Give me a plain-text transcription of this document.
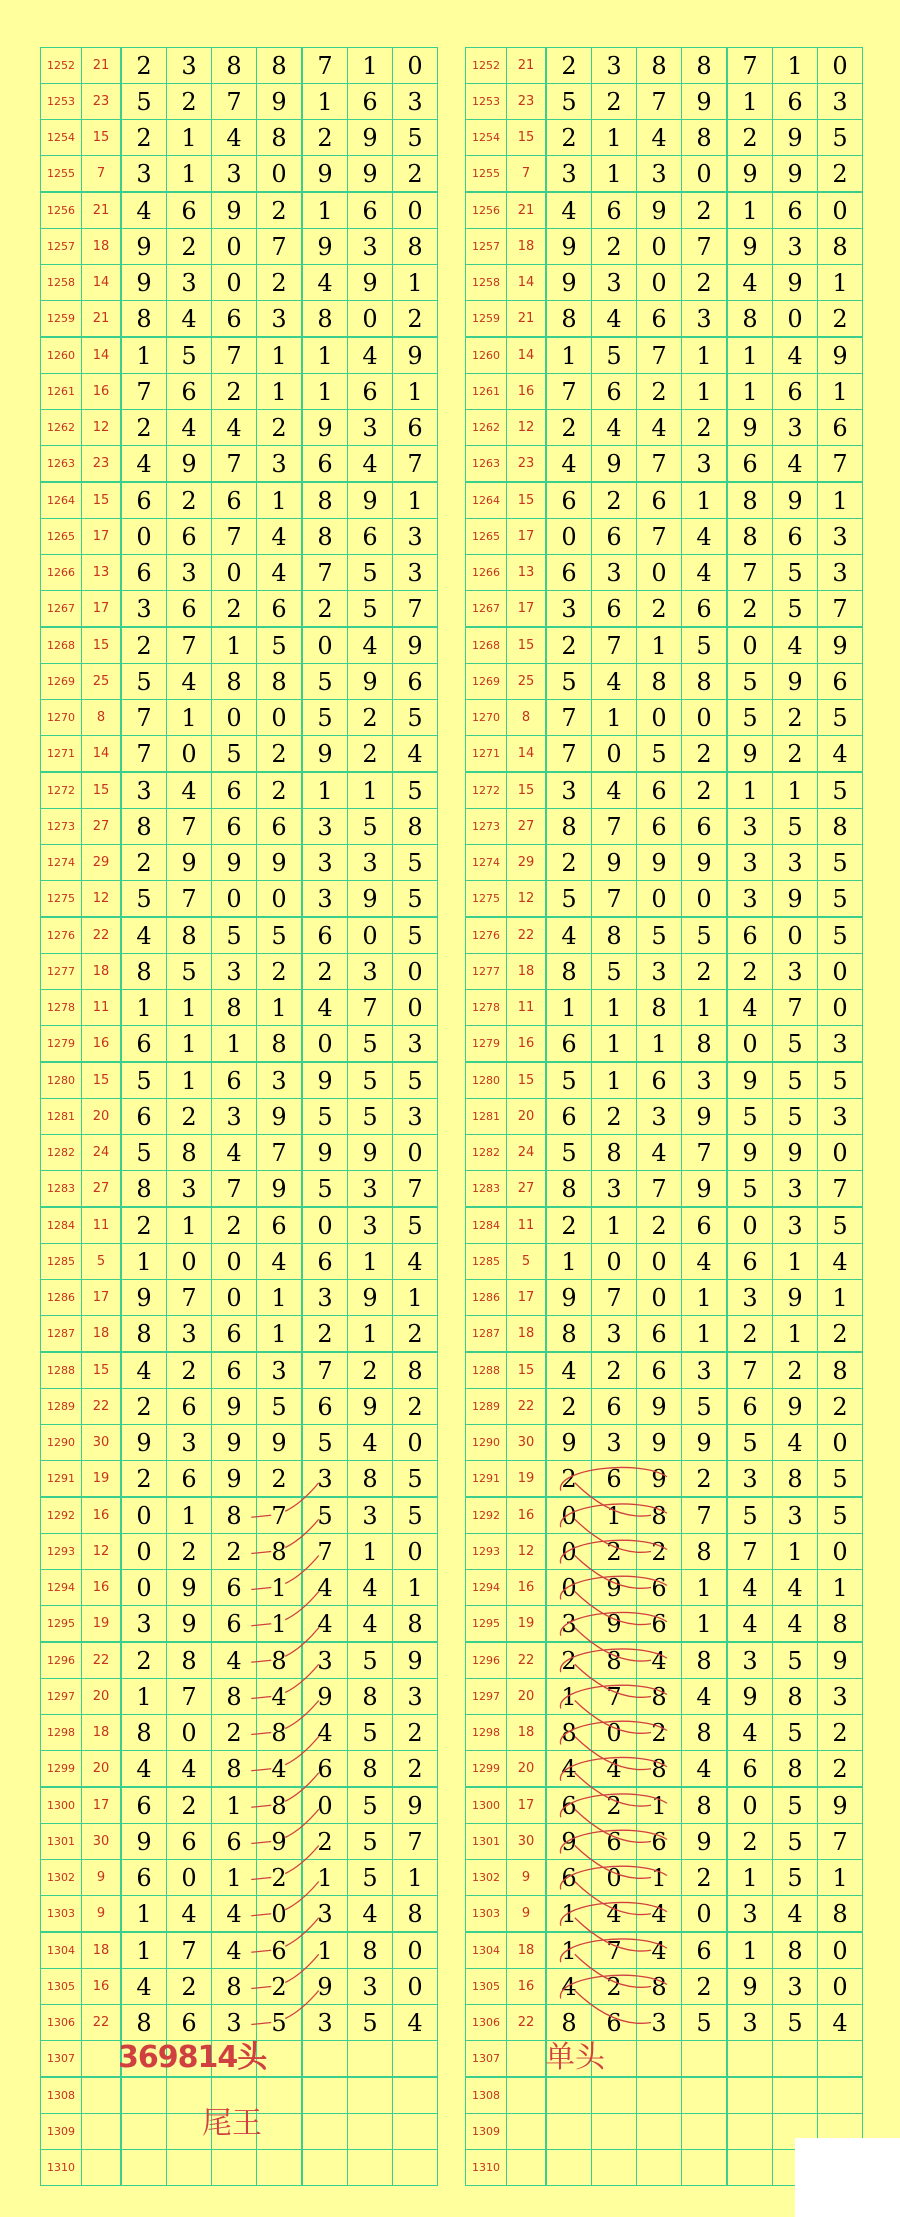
1252	21	2	3	8	8	7	1	0
1253	23	5	2	7	9	1	6	3
1254	15	2	1	4	8	2	9	5
1255	7	3	1	3	0	9	9	2
1256	21	4	6	9	2	1	6	0
1257	18	9	2	0	7	9	3	8
1258	14	9	3	0	2	4	9	1
1259	21	8	4	6	3	8	0	2
1260	14	1	5	7	1	1	4	9
1261	16	7	6	2	1	1	6	1
1262	12	2	4	4	2	9	3	6
1263	23	4	9	7	3	6	4	7
1264	15	6	2	6	1	8	9	1
1265	17	0	6	7	4	8	6	3
1266	13	6	3	0	4	7	5	3
1267	17	3	6	2	6	2	5	7
1268	15	2	7	1	5	0	4	9
1269	25	5	4	8	8	5	9	6
1270	8	7	1	0	0	5	2	5
1271	14	7	0	5	2	9	2	4
1272	15	3	4	6	2	1	1	5
1273	27	8	7	6	6	3	5	8
1274	29	2	9	9	9	3	3	5
1275	12	5	7	0	0	3	9	5
1276	22	4	8	5	5	6	0	5
1277	18	8	5	3	2	2	3	0
1278	11	1	1	8	1	4	7	0
1279	16	6	1	1	8	0	5	3
1280	15	5	1	6	3	9	5	5
1281	20	6	2	3	9	5	5	3
1282	24	5	8	4	7	9	9	0
1283	27	8	3	7	9	5	3	7
1284	11	2	1	2	6	0	3	5
1285	5	1	0	0	4	6	1	4
1286	17	9	7	0	1	3	9	1
1287	18	8	3	6	1	2	1	2
1288	15	4	2	6	3	7	2	8
1289	22	2	6	9	5	6	9	2
1290	30	9	3	9	9	5	4	0
1291	19	2	6	9	2	3	8	5
1292	16	0	1	8	7	5	3	5
1293	12	0	2	2	8	7	1	0
1294	16	0	9	6	1	4	4	1
1295	19	3	9	6	1	4	4	8
1296	22	2	8	4	8	3	5	9
1297	20	1	7	8	4	9	8	3
1298	18	8	0	2	8	4	5	2
1299	20	4	4	8	4	6	8	2
1300	17	6	2	1	8	0	5	9
1301	30	9	6	6	9	2	5	7
1302	9	6	0	1	2	1	5	1
1303	9	1	4	4	0	3	4	8
1304	18	1	7	4	6	1	8	0
1305	16	4	2	8	2	9	3	0
1306	22	8	6	3	5	3	5	4
1307								
1308								
1309								
1310								
1252	21	2	3	8	8	7	1	0
1253	23	5	2	7	9	1	6	3
1254	15	2	1	4	8	2	9	5
1255	7	3	1	3	0	9	9	2
1256	21	4	6	9	2	1	6	0
1257	18	9	2	0	7	9	3	8
1258	14	9	3	0	2	4	9	1
1259	21	8	4	6	3	8	0	2
1260	14	1	5	7	1	1	4	9
1261	16	7	6	2	1	1	6	1
1262	12	2	4	4	2	9	3	6
1263	23	4	9	7	3	6	4	7
1264	15	6	2	6	1	8	9	1
1265	17	0	6	7	4	8	6	3
1266	13	6	3	0	4	7	5	3
1267	17	3	6	2	6	2	5	7
1268	15	2	7	1	5	0	4	9
1269	25	5	4	8	8	5	9	6
1270	8	7	1	0	0	5	2	5
1271	14	7	0	5	2	9	2	4
1272	15	3	4	6	2	1	1	5
1273	27	8	7	6	6	3	5	8
1274	29	2	9	9	9	3	3	5
1275	12	5	7	0	0	3	9	5
1276	22	4	8	5	5	6	0	5
1277	18	8	5	3	2	2	3	0
1278	11	1	1	8	1	4	7	0
1279	16	6	1	1	8	0	5	3
1280	15	5	1	6	3	9	5	5
1281	20	6	2	3	9	5	5	3
1282	24	5	8	4	7	9	9	0
1283	27	8	3	7	9	5	3	7
1284	11	2	1	2	6	0	3	5
1285	5	1	0	0	4	6	1	4
1286	17	9	7	0	1	3	9	1
1287	18	8	3	6	1	2	1	2
1288	15	4	2	6	3	7	2	8
1289	22	2	6	9	5	6	9	2
1290	30	9	3	9	9	5	4	0
1291	19	2	6	9	2	3	8	5
1292	16	0	1	8	7	5	3	5
1293	12	0	2	2	8	7	1	0
1294	16	0	9	6	1	4	4	1
1295	19	3	9	6	1	4	4	8
1296	22	2	8	4	8	3	5	9
1297	20	1	7	8	4	9	8	3
1298	18	8	0	2	8	4	5	2
1299	20	4	4	8	4	6	8	2
1300	17	6	2	1	8	0	5	9
1301	30	9	6	6	9	2	5	7
1302	9	6	0	1	2	1	5	1
1303	9	1	4	4	0	3	4	8
1304	18	1	7	4	6	1	8	0
1305	16	4	2	8	2	9	3	0
1306	22	8	6	3	5	3	5	4
1307								
1308								
1309								
1310								
369814头
尾王
单头
